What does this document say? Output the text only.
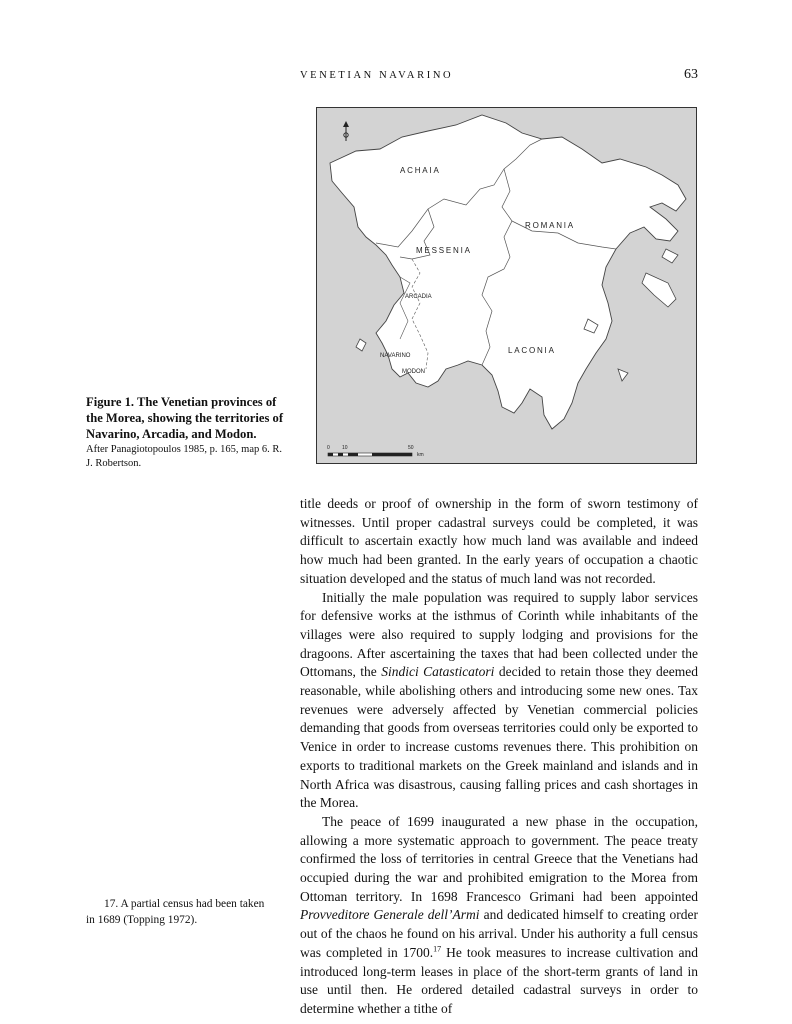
VENETIAN NAVARINO	63
ACHAIA
ROMANIA
MESSENIA
ARCADIA
NAVARINO
MODON
LACONIA
0 10	50
km
Figure 1. The Venetian provinces of the Morea, showing the territories of Navarino, Arcadia, and Modon.
After Panagiotopoulos 1985, p. 165, map 6. R. J. Robertson.

title deeds or proof of ownership in the form of sworn testimony of witnesses. Until proper cadastral surveys could be completed, it was difficult to ascertain exactly how much land was available and indeed how much had been granted. In the early years of occupation a chaotic situation developed and the status of much land was not recorded.

Initially the male population was required to supply labor services for defensive works at the isthmus of Corinth while inhabitants of the villages were also required to supply lodging and provisions for the dragoons. After ascertaining the taxes that had been collected under the Ottomans, the Sindici Catasticatori decided to retain those they deemed reasonable, while abolishing others and introducing some new ones. Tax revenues were adversely affected by Venetian commercial policies demanding that goods from overseas territories could only be exported to Venice in order to increase customs revenues there. This prohibition on exports to traditional markets on the Greek mainland and islands and in North Africa was disastrous, causing falling prices and cash shortages in the Morea.

The peace of 1699 inaugurated a new phase in the occupation, allowing a more systematic approach to government. The peace treaty confirmed the loss of territories in central Greece that the Venetians had occupied during the war and prohibited emigration to the Morea from Ottoman territory. In 1698 Francesco Grimani had been appointed Provveditore Generale dell’Armi and dedicated himself to creating order out of the chaos he found on his arrival. Under his authority a full census was completed in 1700.17 He took measures to increase cultivation and introduced long-term leases in place of the short-term grants of land in use until then. He ordered detailed cadastral surveys in order to determine whether a tithe of

17. A partial census had been taken in 1689 (Topping 1972).
